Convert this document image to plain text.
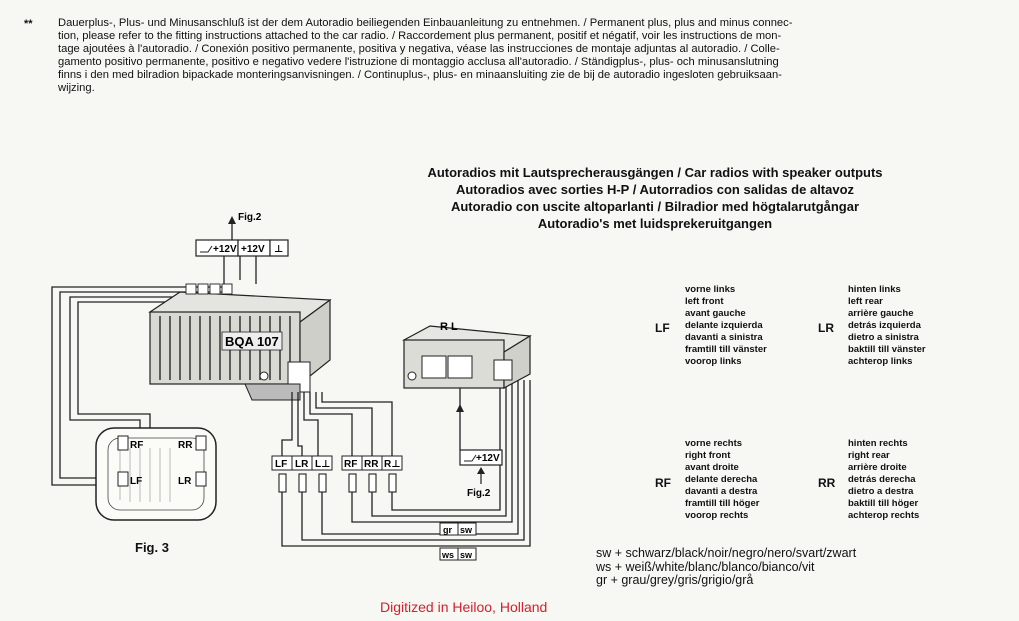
** Dauerplus-, Plus- und Minusanschluß ist der dem Autoradio beiliegenden Einbauanleitung zu entnehmen. / Permanent plus, plus and minus connec-
tion, please refer to the fitting instructions attached to the car radio. / Raccordement plus permanent, positif et négatif, voir les instructions de mon-
tage ajoutées à l'autoradio. / Conexión positivo permanente, positiva y negativa, véase las instrucciones de montaje adjuntas al autoradio. / Colle-
gamento positivo permanente, positivo e negativo vedere l'istruzione di montaggio acclusa all'autoradio. / Ständigplus-, plus- och minusanslutning
finns i den med bilradion bipackade monteringsanvisningen. / Continuplus-, plus- en minaansluiting zie de bij de autoradio ingesloten gebruiksaan-
wijzing.
Autoradios mit Lautsprecherausgängen / Car radios with speaker outputs
Autoradios avec sorties H-P / Autorradios con salidas de altavoz
Autoradio con uscite altoparlanti / Bilradior med högtalarutgångar
Autoradio's met luidsprekeruitgangen
vorne links
left front
avant gauche
delante izquierda
davanti a sinistra
framtill till vänster
voorop links
LF
hinten links
left rear
arrière gauche
detrás izquierda
dietro a sinistra
baktill till vänster
achterop links
LR
vorne rechts
right front
avant droite
delante derecha
davanti a destra
framtill till höger
voorop rechts
RF
hinten rechts
right rear
arrière droite
detrás derecha
dietro a destra
baktill till höger
achterop rechts
RR
sw + schwarz/black/noir/negro/nero/svart/zwart
ws + weiß/white/blanc/blanco/bianco/vit
gr + grau/grey/gris/grigio/grå
Fig. 3
Digitized in Heiloo, Holland
Fig.2
+12V +12V ⊥
BQA 107
LF LR L⊥ RF RR R⊥
gr sw
ws sw
R L
+12V
Fig.2
RF	RR
LF	LR
